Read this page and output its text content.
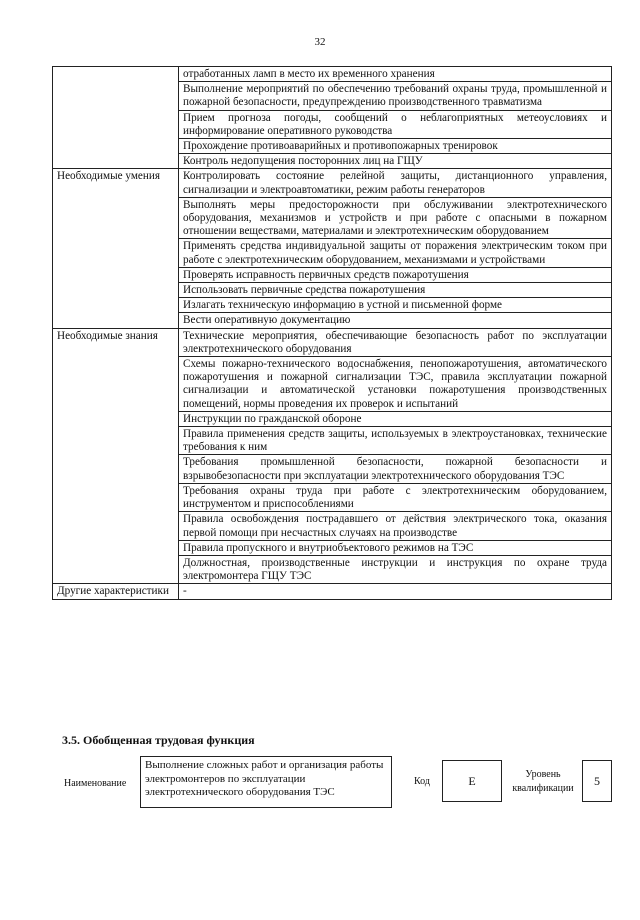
32
	отработанных ламп в место их временного хранения
	Выполнение мероприятий по обеспечению требований охраны труда, промышленной и пожарной безопасности, предупреждению производственного травматизма
	Прием прогноза погоды, сообщений о неблагоприятных метеоусловиях и информирование оперативного руководства
	Прохождение противоаварийных и противопожарных тренировок
	Контроль недопущения посторонних лиц на ГЩУ
Необходимые умения	Контролировать состояние релейной защиты, дистанционного управления, сигнализации и электроавтоматики, режим работы генераторов
	Выполнять меры предосторожности при обслуживании электротехнического оборудования, механизмов и устройств и при работе с опасными в пожарном отношении веществами, материалами и электротехническим оборудованием
	Применять средства индивидуальной защиты от поражения электрическим током при работе с электротехническим оборудованием, механизмами и устройствами
	Проверять исправность первичных средств пожаротушения
	Использовать первичные средства пожаротушения
	Излагать техническую информацию в устной и письменной форме
	Вести оперативную документацию
Необходимые знания	Технические мероприятия, обеспечивающие безопасность работ по эксплуатации электротехнического оборудования
	Схемы пожарно-технического водоснабжения, пенопожаротушения, автоматического пожаротушения и пожарной сигнализации ТЭС, правила эксплуатации пожарной сигнализации и автоматической установки пожаротушения производственных помещений, нормы проведения их проверок и испытаний
	Инструкции по гражданской обороне
	Правила применения средств защиты, используемых в электроустановках, технические требования к ним
	Требования промышленной безопасности, пожарной безопасности и взрывобезопасности при эксплуатации электротехнического оборудования ТЭС
	Требования охраны труда при работе с электротехническим оборудованием, инструментом и приспособлениями
	Правила освобождения пострадавшего от действия электрического тока, оказания первой помощи при несчастных случаях на производстве
	Правила пропускного и внутриобъектового режимов на ТЭС
	Должностная, производственные инструкции и инструкция по охране труда электромонтера ГЩУ ТЭС
Другие характеристики	-
3.5. Обобщенная трудовая функция
Наименование
Выполнение сложных работ и организация работы электромонтеров по эксплуатации электротехнического оборудования ТЭС
Код	E	Уровень квалификации
5
